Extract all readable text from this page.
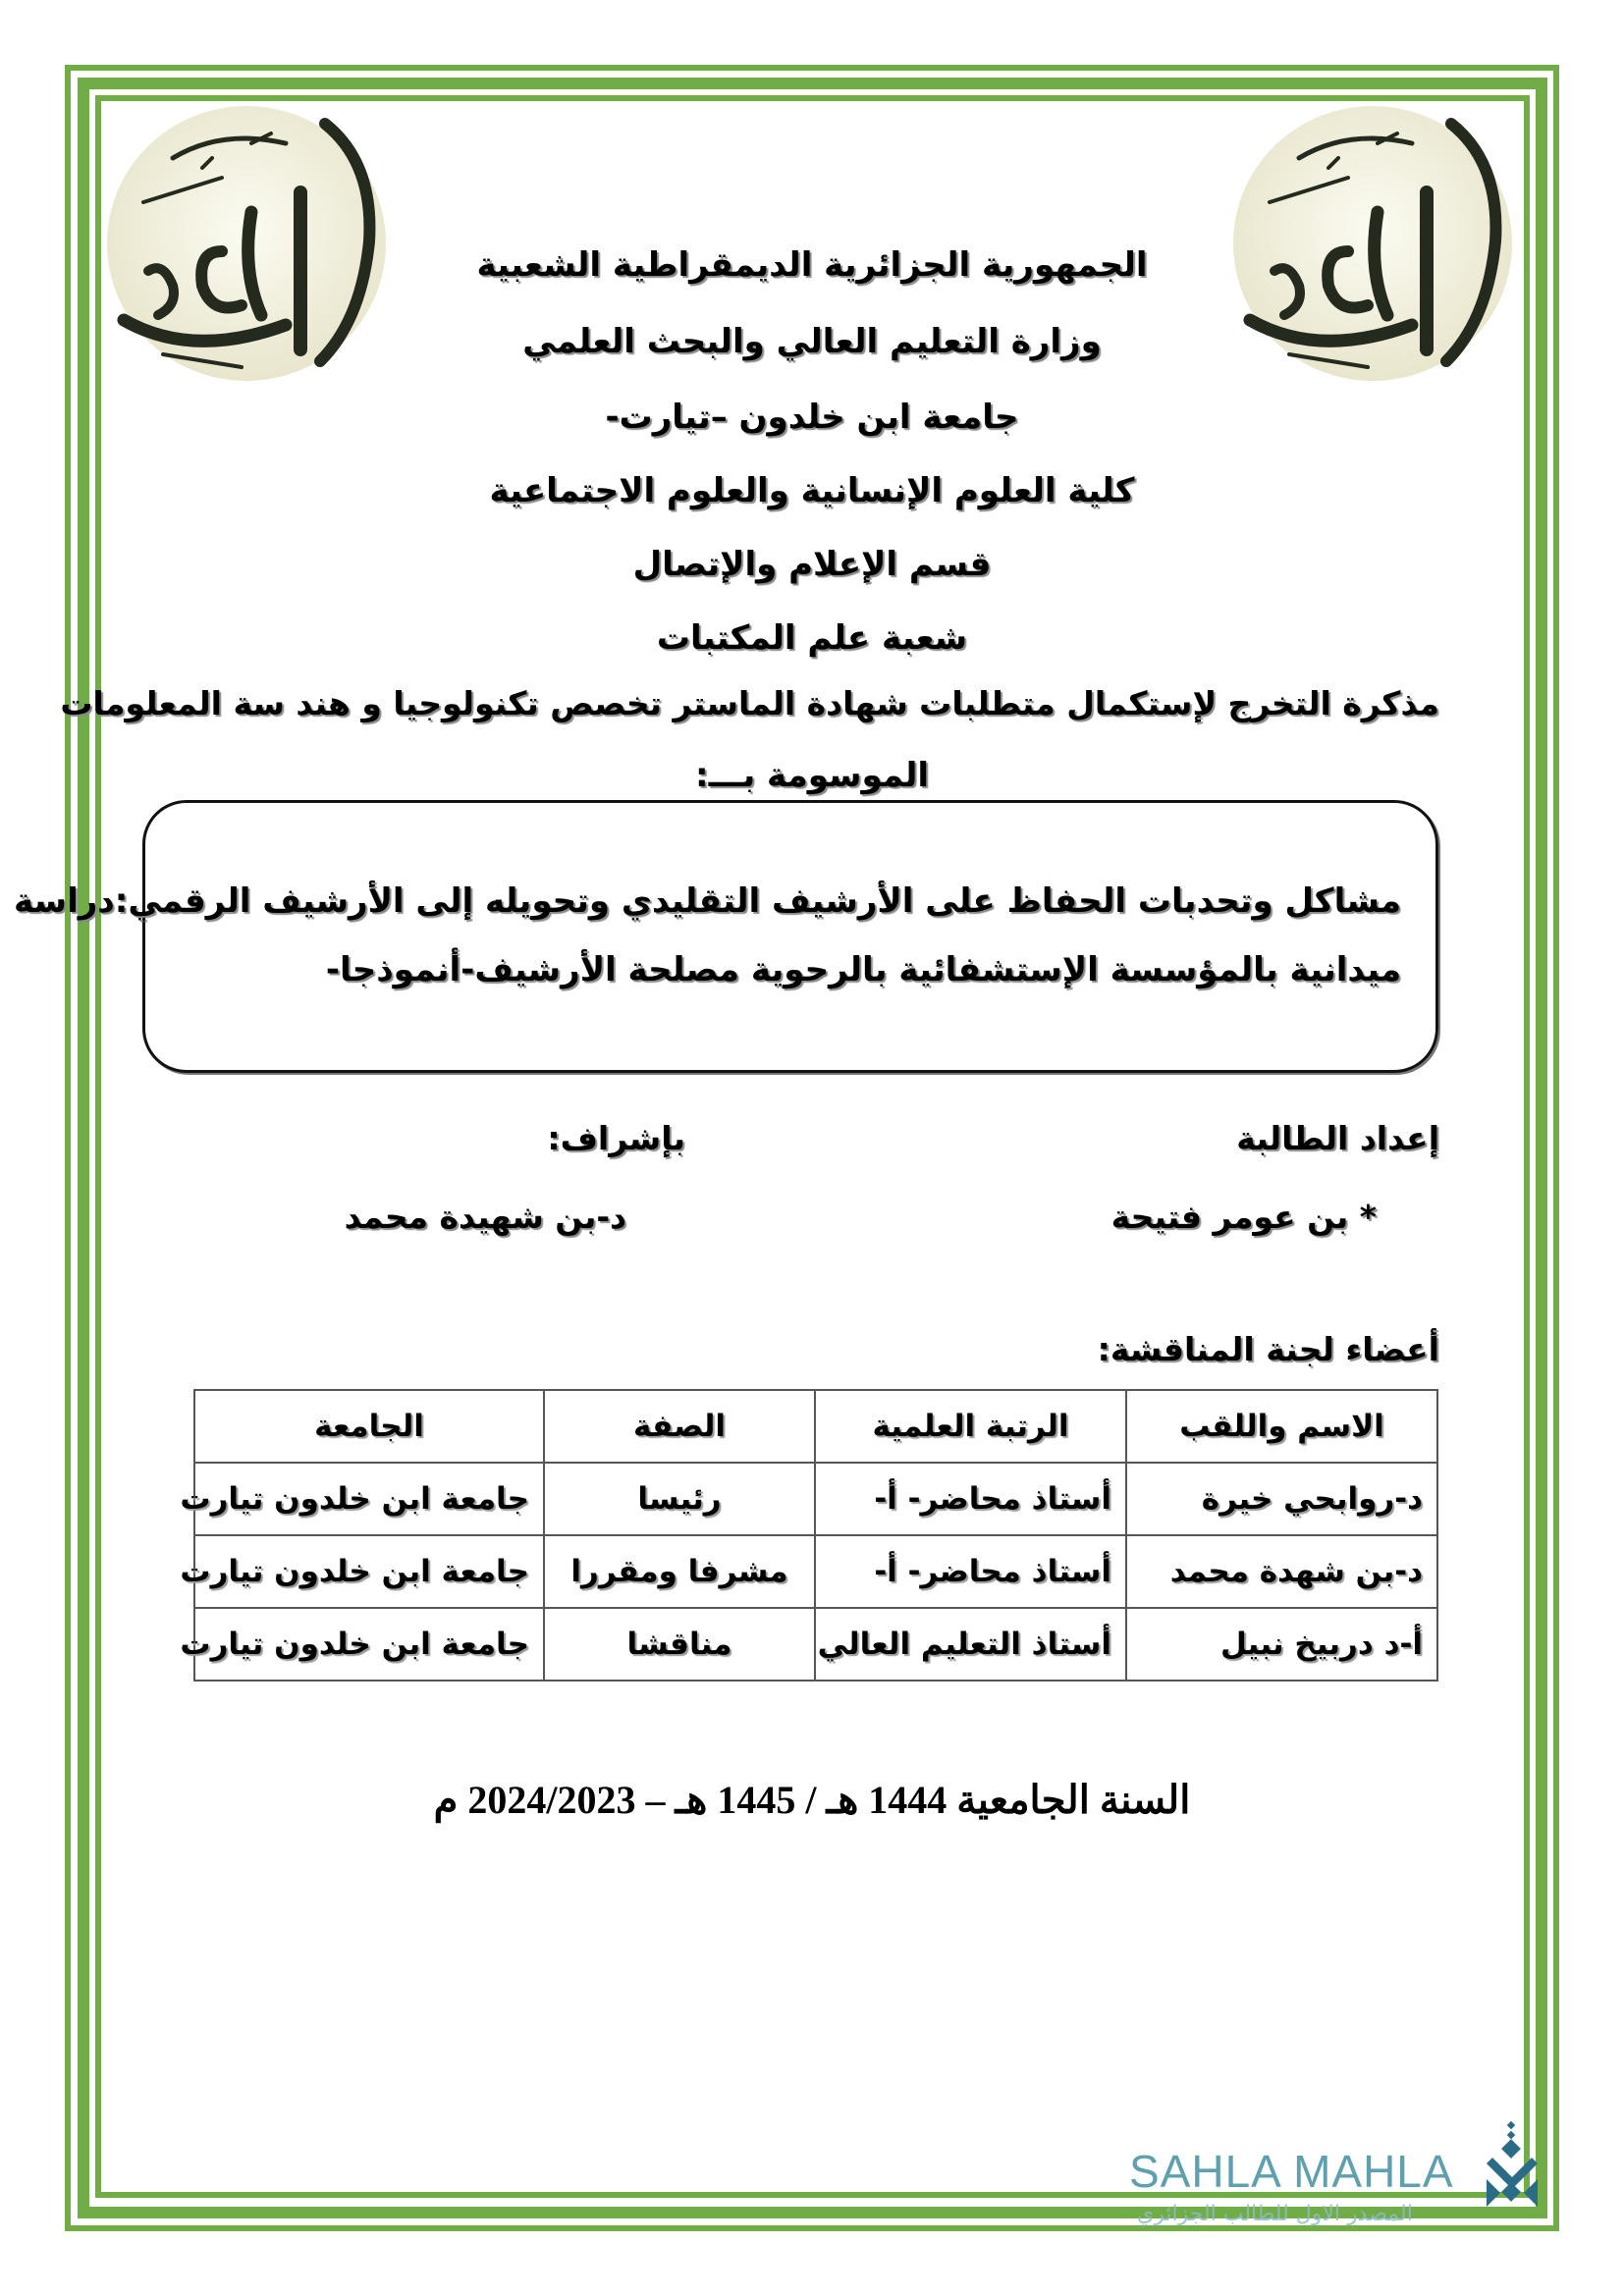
الجمهورية الجزائرية الديمقراطية الشعبية
وزارة التعليم العالي والبحث العلمي
جامعة ابن خلدون –تيارت-
كلية العلوم الإنسانية والعلوم الاجتماعية
قسم الإعلام والإتصال
شعبة علم المكتبات
مذكرة التخرج لإستكمال متطلبات شهادة الماستر تخصص تكنولوجيا و هند سة المعلومات
الموسومة بـــ:
مشاكل وتحدبات الحفاظ على الأرشيف التقليدي وتحويله إلى الأرشيف الرقمي:دراسة
ميدانية بالمؤسسة الإستشفائية بالرحوية مصلحة الأرشيف-أنموذجا-
إعداد الطالبة
بإشراف:
* بن عومر فتيحة
د-بن شهيدة محمد
أعضاء لجنة المناقشة:
الاسم واللقب	الرتبة العلمية	الصفة	الجامعة
د-روابحي خيرة	أستاذ محاضر- أ-	رئيسا	جامعة ابن خلدون تيارت
د-بن شهدة محمد	أستاذ محاضر- أ-	مشرفا ومقررا	جامعة ابن خلدون تيارت
أ-د دربيخ نبيل	أستاذ التعليم العالي	مناقشا	جامعة ابن خلدون تيارت
السنة الجامعية 1444 هـ / 1445 هـ – 2024/2023 م
SAHLA MAHLA
المصدر الاول للطالب الجزائري
